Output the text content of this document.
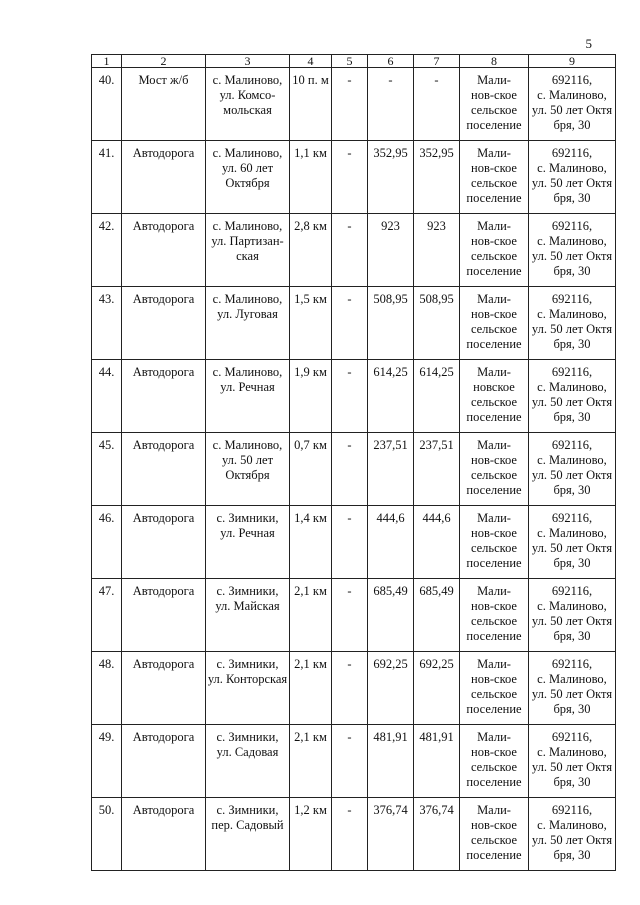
5
1	2	3	4	5	6	7	8	9
40.	Мост ж/б	с. Малиново,
ул. Комсо-
мольская	10 п. м	-	-	-	Мали-
нов-ское
сельское
поселение	692116,
с. Малиново,
ул. 50 лет Октя
бря, 30
41.	Автодорога	с. Малиново,
ул. 60 лет
Октября	1,1 км	-	352,95	352,95	Мали-
нов-ское
сельское
поселение	692116,
с. Малиново,
ул. 50 лет Октя
бря, 30
42.	Автодорога	с. Малиново,
ул. Партизан-
ская	2,8 км	-	923	923	Мали-
нов-ское
сельское
поселение	692116,
с. Малиново,
ул. 50 лет Октя
бря, 30
43.	Автодорога	с. Малиново,
ул. Луговая	1,5 км	-	508,95	508,95	Мали-
нов-ское
сельское
поселение	692116,
с. Малиново,
ул. 50 лет Октя
бря, 30
44.	Автодорога	с. Малиново,
ул. Речная	1,9 км	-	614,25	614,25	Мали-
новское
сельское
поселение	692116,
с. Малиново,
ул. 50 лет Октя
бря, 30
45.	Автодорога	с. Малиново,
ул. 50 лет
Октября	0,7 км	-	237,51	237,51	Мали-
нов-ское
сельское
поселение	692116,
с. Малиново,
ул. 50 лет Октя
бря, 30
46.	Автодорога	с. Зимники,
ул. Речная	1,4 км	-	444,6	444,6	Мали-
нов-ское
сельское
поселение	692116,
с. Малиново,
ул. 50 лет Октя
бря, 30
47.	Автодорога	с. Зимники,
ул. Майская	2,1 км	-	685,49	685,49	Мали-
нов-ское
сельское
поселение	692116,
с. Малиново,
ул. 50 лет Октя
бря, 30
48.	Автодорога	с. Зимники,
ул. Конторская	2,1 км	-	692,25	692,25	Мали-
нов-ское
сельское
поселение	692116,
с. Малиново,
ул. 50 лет Октя
бря, 30
49.	Автодорога	с. Зимники,
ул. Садовая	2,1 км	-	481,91	481,91	Мали-
нов-ское
сельское
поселение	692116,
с. Малиново,
ул. 50 лет Октя
бря, 30
50.	Автодорога	с. Зимники,
пер. Садовый	1,2 км	-	376,74	376,74	Мали-
нов-ское
сельское
поселение	692116,
с. Малиново,
ул. 50 лет Октя
бря, 30
